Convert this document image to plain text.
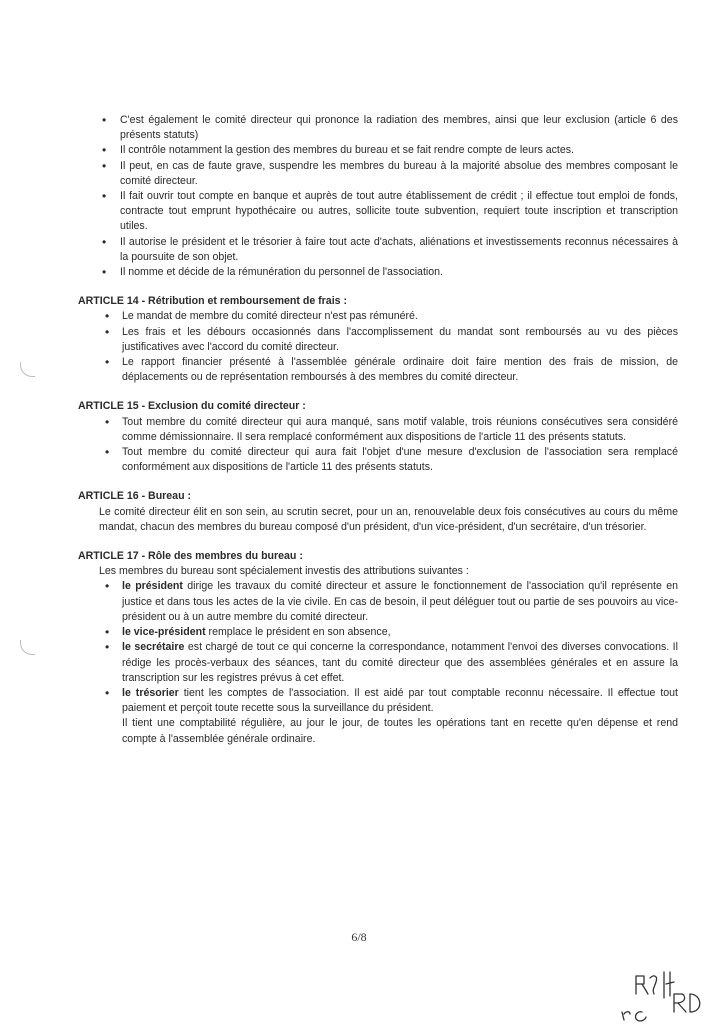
• C'est également le comité directeur qui prononce la radiation des membres, ainsi que leur exclusion (article 6 des présents statuts)
• Il contrôle notamment la gestion des membres du bureau et se fait rendre compte de leurs actes.
• Il peut, en cas de faute grave, suspendre les membres du bureau à la majorité absolue des membres composant le comité directeur.
• Il fait ouvrir tout compte en banque et auprès de tout autre établissement de crédit ; il effectue tout emploi de fonds, contracte tout emprunt hypothécaire ou autres, sollicite toute subvention, requiert toute inscription et transcription utiles.
• Il autorise le président et le trésorier à faire tout acte d'achats, aliénations et investissements reconnus nécessaires à la poursuite de son objet.
• Il nomme et décide de la rémunération du personnel de l'association.
ARTICLE 14 - Rétribution et remboursement de frais :
• Le mandat de membre du comité directeur n'est pas rémunéré.
• Les frais et les débours occasionnés dans l'accomplissement du mandat sont remboursés au vu des pièces justificatives avec l'accord du comité directeur.
• Le rapport financier présenté à l'assemblée générale ordinaire doit faire mention des frais de mission, de déplacements ou de représentation remboursés à des membres du comité directeur.
ARTICLE 15 - Exclusion du comité directeur :
• Tout membre du comité directeur qui aura manqué, sans motif valable, trois réunions consécutives sera considéré comme démissionnaire. Il sera remplacé conformément aux dispositions de l'article 11 des présents statuts.
• Tout membre du comité directeur qui aura fait l'objet d'une mesure d'exclusion de l'association sera remplacé conformément aux dispositions de l'article 11 des présents statuts.
ARTICLE 16 - Bureau :
Le comité directeur élit en son sein, au scrutin secret, pour un an, renouvelable deux fois consécutives au cours du même mandat, chacun des membres du bureau composé d'un président, d'un vice-président, d'un secrétaire, d'un trésorier.
ARTICLE 17 - Rôle des membres du bureau :
Les membres du bureau sont spécialement investis des attributions suivantes :
• le président dirige les travaux du comité directeur et assure le fonctionnement de l'association qu'il représente en justice et dans tous les actes de la vie civile. En cas de besoin, il peut déléguer tout ou partie de ses pouvoirs au vice-président ou à un autre membre du comité directeur.
• le vice-président remplace le président en son absence,
• le secrétaire est chargé de tout ce qui concerne la correspondance, notamment l'envoi des diverses convocations. Il rédige les procès-verbaux des séances, tant du comité directeur que des assemblées générales et en assure la transcription sur les registres prévus à cet effet.
• le trésorier tient les comptes de l'association. Il est aidé par tout comptable reconnu nécessaire. Il effectue tout paiement et perçoit toute recette sous la surveillance du président.
Il tient une comptabilité régulière, au jour le jour, de toutes les opérations tant en recette qu'en dépense et rend compte à l'assemblée générale ordinaire.
6/8
